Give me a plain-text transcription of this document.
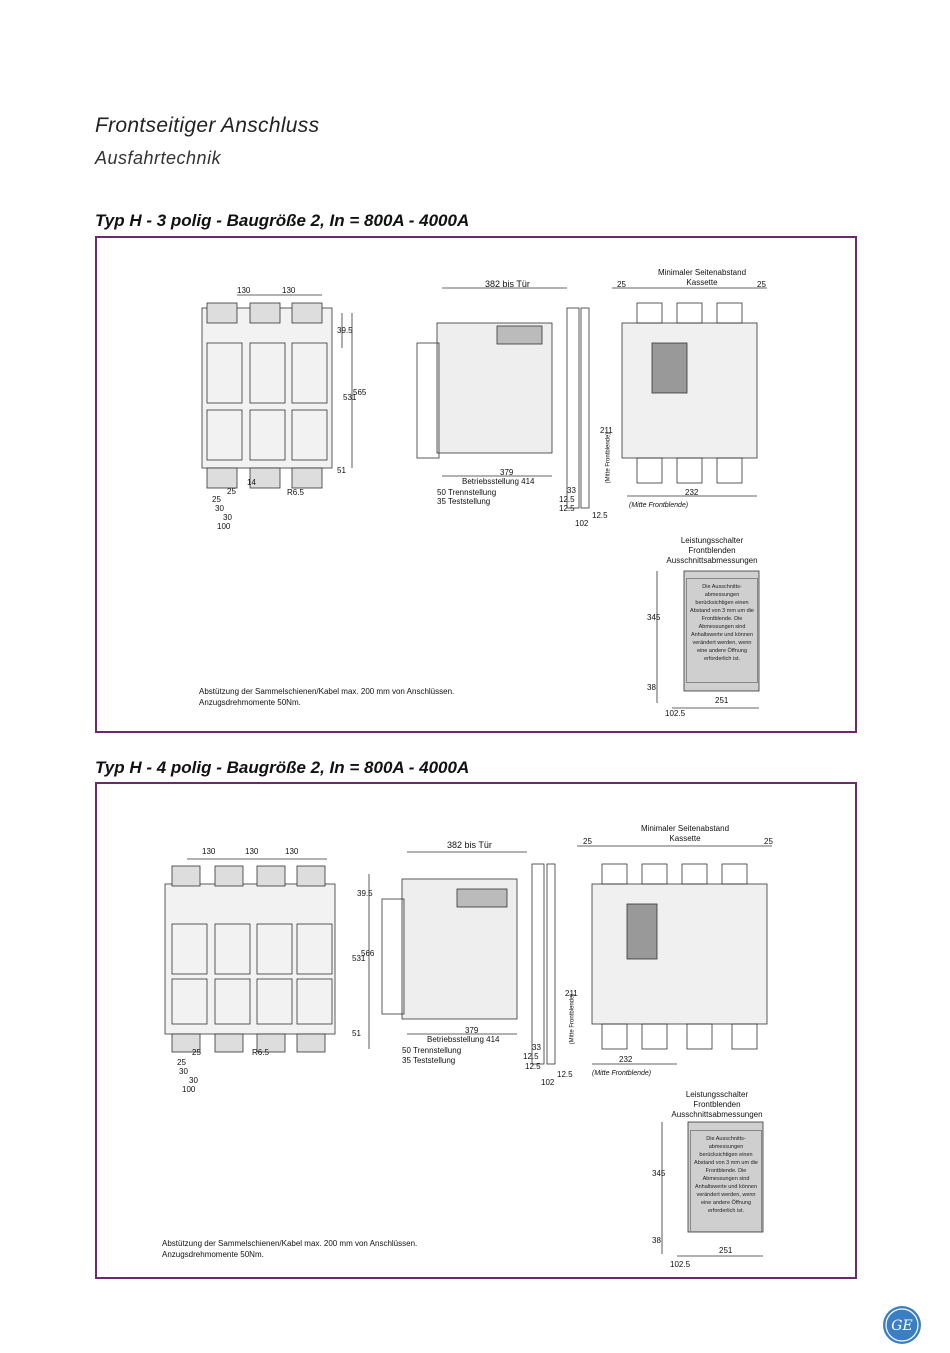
Frontseitiger Anschluss
Ausfahrtechnik
Typ H - 3 polig - Baugröße 2, In = 800A - 4000A
130	130
39.5
531
565
51
14
R6.5
25
25
30
30
100
382 bis Tür
379
Betriebsstellung 414
50 Trennstellung
35 Teststellung
33
12.5
12.5
12.5
102
Minimaler Seitenabstand
Kassette
25	25
211
(Mitte Frontblende)
232
(Mitte Frontblende)
Leistungsschalter
Frontblenden
Ausschnittsabmessungen
Die Ausschnitts- abmessungen berücksichtigen einen Abstand von 3 mm um die Frontblende. Die Abmessungen sind Anhaltswerte und können verändert werden, wenn eine andere Öffnung erforderlich ist.
345
38
251
102.5
Abstützung der Sammelschienen/Kabel max. 200 mm von Anschlüssen.
Anzugsdrehmomente 50Nm.
Typ H - 4 polig - Baugröße 2, In = 800A - 4000A
130	130	130
39.5
531
566
51
R6.5
25
25
30
30
100
382 bis Tür
379
Betriebsstellung 414
50 Trennstellung
35 Teststellung
33
12.5
12.5
12.5
102
Minimaler Seitenabstand
Kassette
25	25
211
(Mitte Frontblende)
232
(Mitte Frontblende)
Leistungsschalter
Frontblenden
Ausschnittsabmessungen
Die Ausschnitts- abmessungen berücksichtigen einen Abstand von 3 mm um die Frontblende. Die Abmessungen sind Anhaltswerte und können verändert werden, wenn eine andere Öffnung erforderlich ist.
345
38
251
102.5
Abstützung der Sammelschienen/Kabel max. 200 mm von Anschlüssen.
Anzugsdrehmomente 50Nm.
GE
